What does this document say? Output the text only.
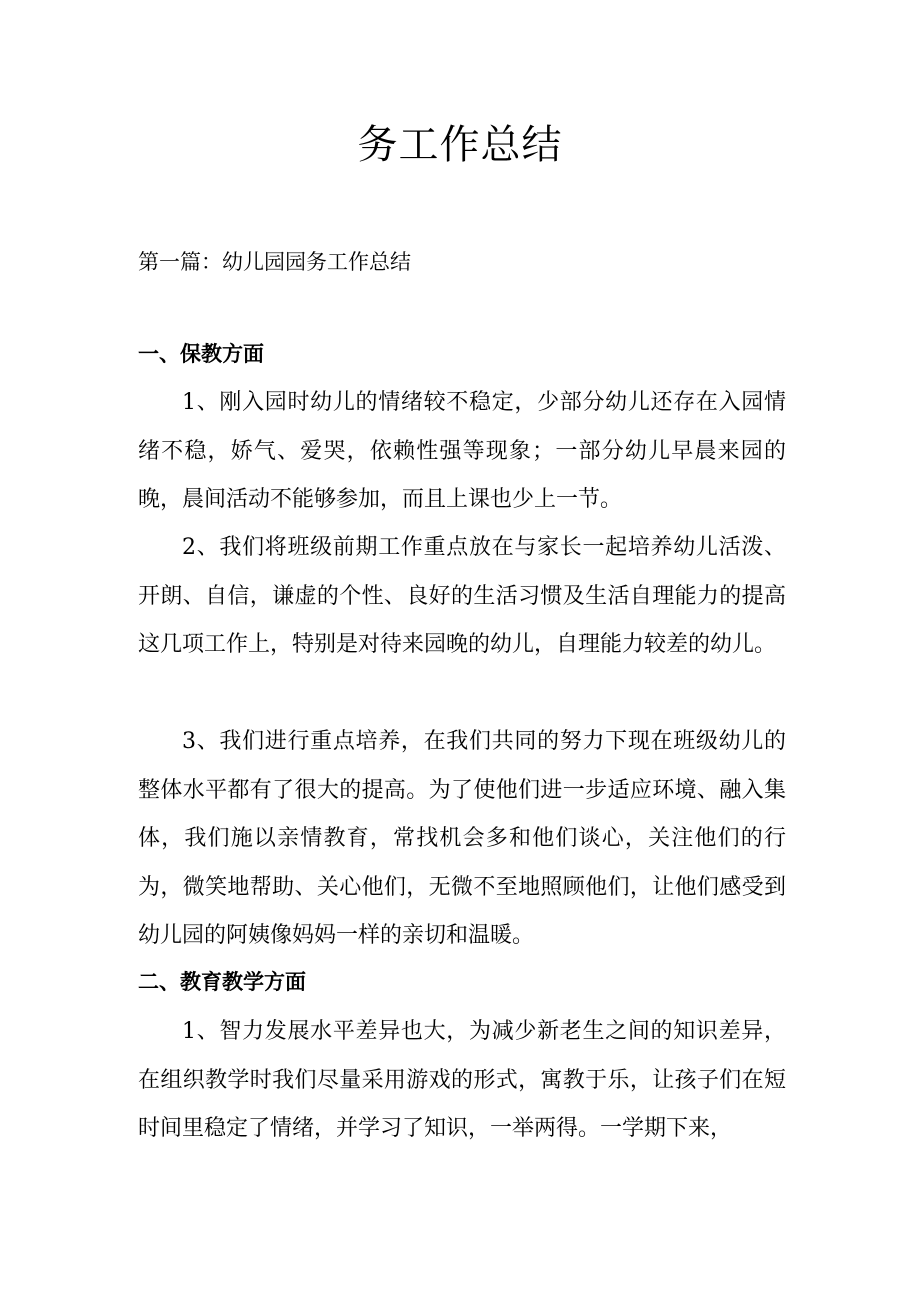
务工作总结

第一篇：幼儿园园务工作总结

一、保教方面

1、刚入园时幼儿的情绪较不稳定，少部分幼儿还存在入园情绪不稳，娇气、爱哭，依赖性强等现象；一部分幼儿早晨来园的晚，晨间活动不能够参加，而且上课也少上一节。

2、我们将班级前期工作重点放在与家长一起培养幼儿活泼、开朗、自信，谦虚的个性、良好的生活习惯及生活自理能力的提高这几项工作上，特别是对待来园晚的幼儿，自理能力较差的幼儿。

3、我们进行重点培养，在我们共同的努力下现在班级幼儿的整体水平都有了很大的提高。为了使他们进一步适应环境、融入集体，我们施以亲情教育，常找机会多和他们谈心，关注他们的行为，微笑地帮助、关心他们，无微不至地照顾他们，让他们感受到幼儿园的阿姨像妈妈一样的亲切和温暖。

二、教育教学方面

1、智力发展水平差异也大，为减少新老生之间的知识差异，在组织教学时我们尽量采用游戏的形式，寓教于乐，让孩子们在短时间里稳定了情绪，并学习了知识，一举两得。一学期下来，
